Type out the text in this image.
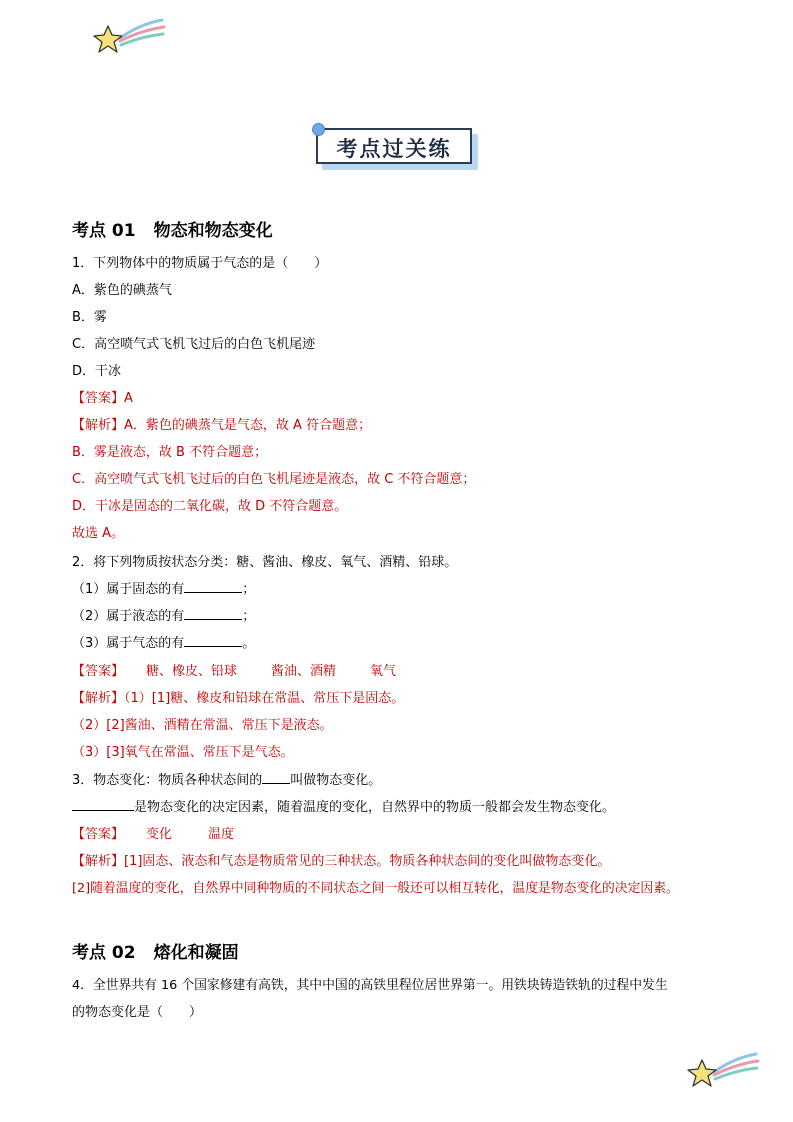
考点过关练
考点 01 物态和物态变化
1．下列物体中的物质属于气态的是（　　）
A．紫色的碘蒸气
B．雾
C．高空喷气式飞机飞过后的白色飞机尾迹
D．干冰
【答案】A
【解析】A．紫色的碘蒸气是气态，故 A 符合题意；
B．雾是液态，故 B 不符合题意；
C．高空喷气式飞机飞过后的白色飞机尾迹是液态，故 C 不符合题意；
D．干冰是固态的二氧化碳，故 D 不符合题意。
故选 A。
2．将下列物质按状态分类：糖、酱油、橡皮、氧气、酒精、铅球。
（1）属于固态的有	；
（2）属于液态的有	；
（3）属于气态的有	。
【答案】 糖、橡皮、铅球	酱油、酒精	氧气
【解析】（1）[1]糖、橡皮和铅球在常温、常压下是固态。
（2）[2]酱油、酒精在常温、常压下是液态。
（3）[3]氧气在常温、常压下是气态。
3．物态变化：物质各种状态间的 叫做物态变化。
是物态变化的决定因素，随着温度的变化，自然界中的物质一般都会发生物态变化。
【答案】 变化	温度
【解析】[1]固态、液态和气态是物质常见的三种状态。物质各种状态间的变化叫做物态变化。
[2]随着温度的变化，自然界中同种物质的不同状态之间一般还可以相互转化，温度是物态变化的决定因素。
考点 02 熔化和凝固
4．全世界共有 16 个国家修建有高铁，其中中国的高铁里程位居世界第一。用铁块铸造铁轨的过程中发生
的物态变化是（　　）
